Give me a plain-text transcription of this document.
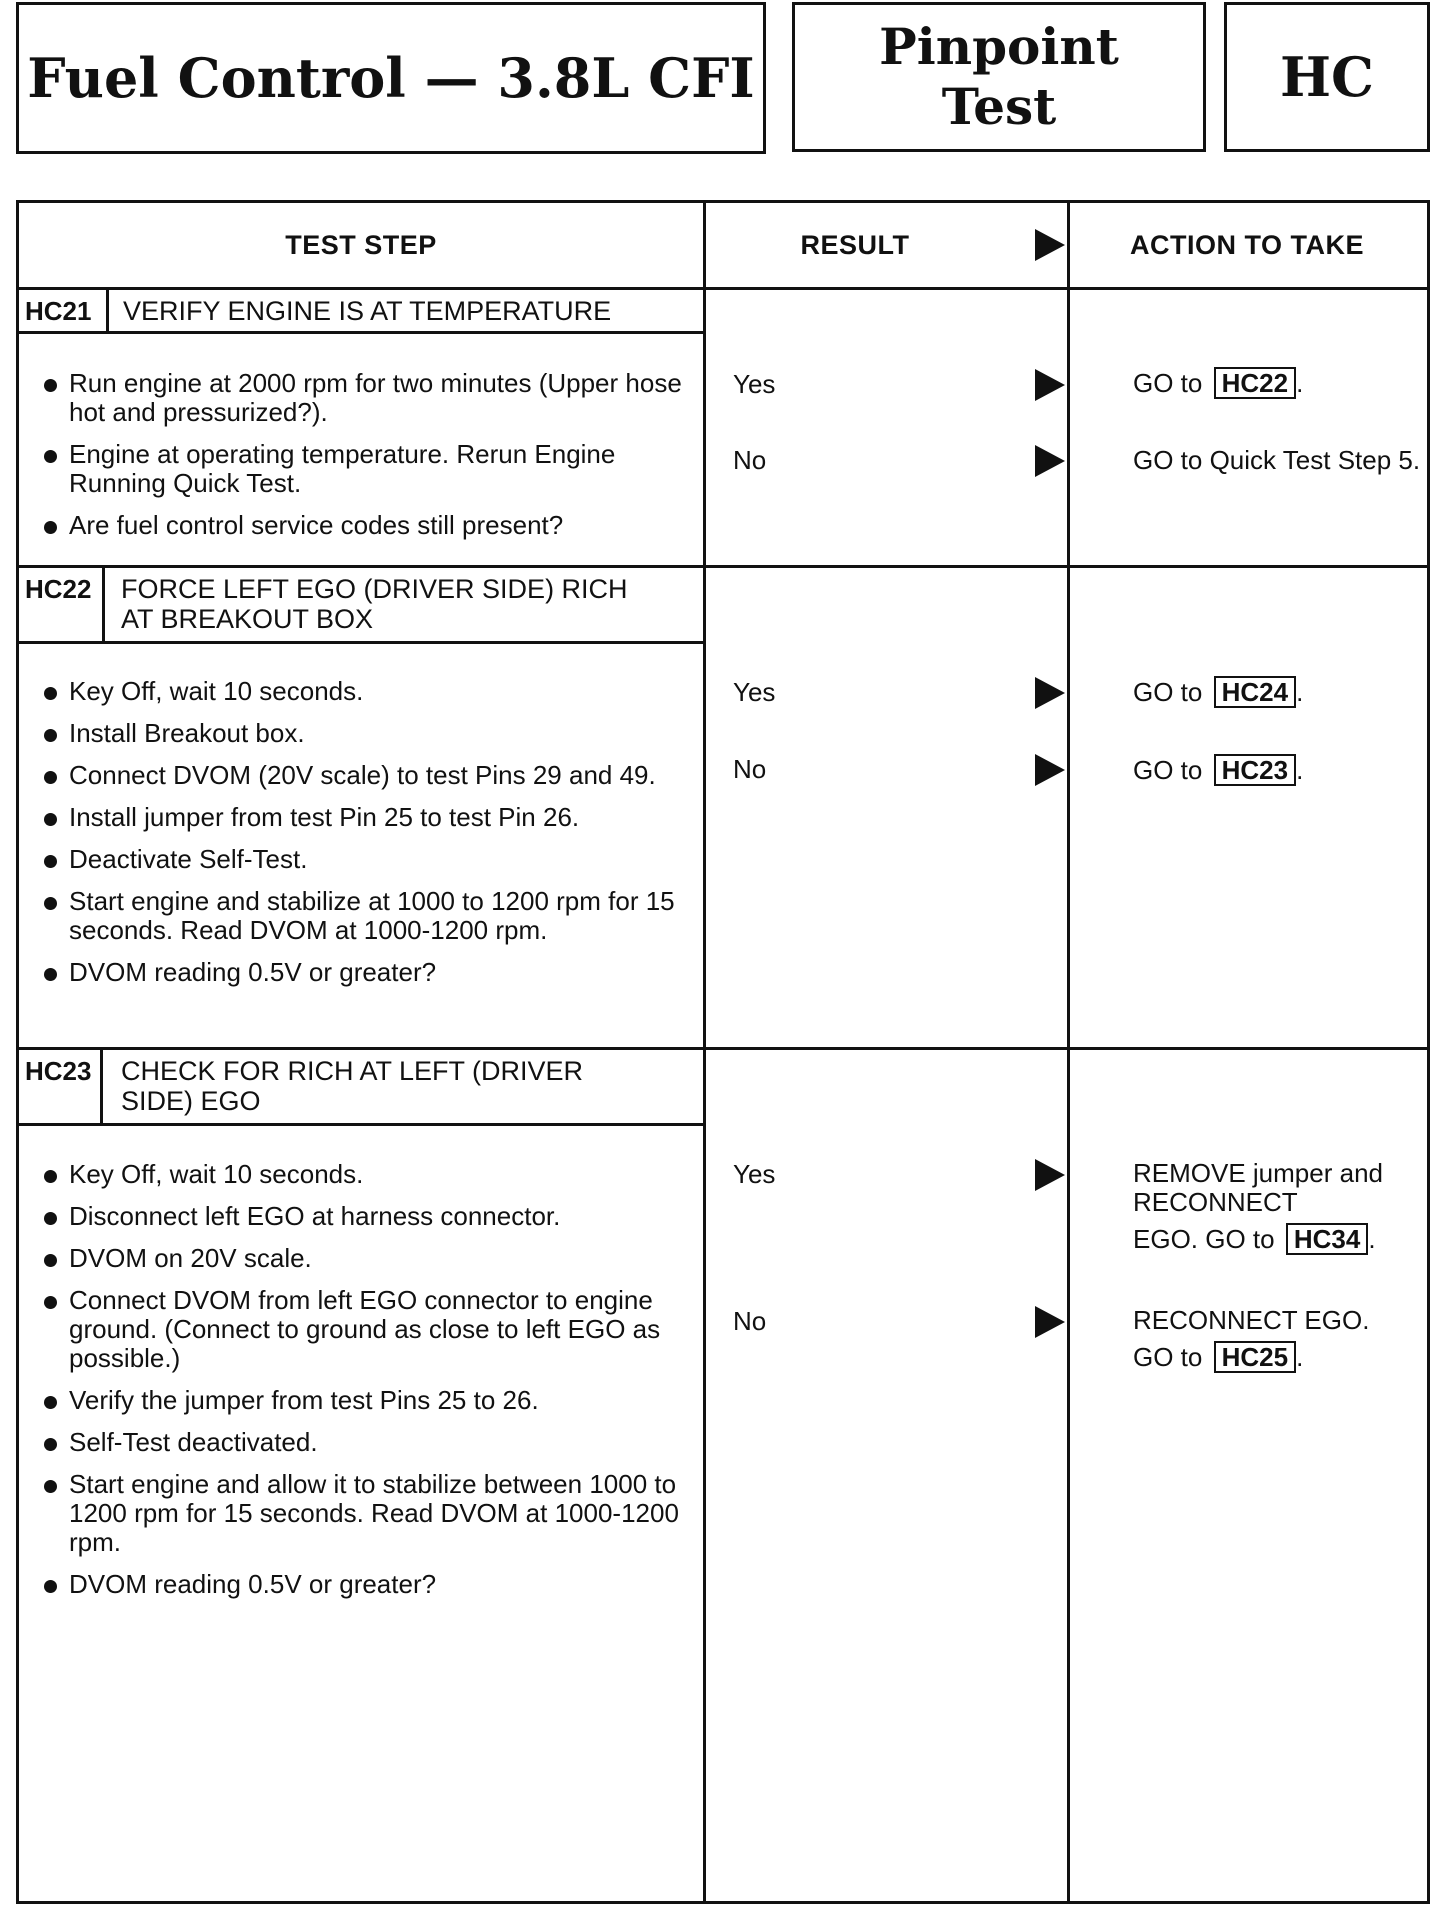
Fuel Control — 3.8L CFI Pinpoint
Test	HC
TEST STEP	RESULT	ACTION TO TAKE
HC21	VERIFY ENGINE IS AT TEMPERATURE
Run engine at 2000 rpm for two minutes (Upper hose hot and pressurized?).
Engine at operating temperature. Rerun Engine Running Quick Test.
Are fuel control service codes still present?
Yes	GO to HC22 .
No	GO to Quick Test Step 5.
HC22	FORCE LEFT EGO (DRIVER SIDE) RICH
AT BREAKOUT BOX
Key Off, wait 10 seconds.
Install Breakout box.
Connect DVOM (20V scale) to test Pins 29 and 49.
Install jumper from test Pin 25 to test Pin 26.
Deactivate Self-Test.
Start engine and stabilize at 1000 to 1200 rpm for 15 seconds. Read DVOM at 1000-1200 rpm.
DVOM reading 0.5V or greater?
Yes	GO to HC24 .
No	GO to HC23 .
HC23	CHECK FOR RICH AT LEFT (DRIVER
SIDE) EGO
Key Off, wait 10 seconds.
Disconnect left EGO at harness connector.
DVOM on 20V scale.
Connect DVOM from left EGO connector to engine ground. (Connect to ground as close to left EGO as possible.)
Verify the jumper from test Pins 25 to 26.
Self-Test deactivated.
Start engine and allow it to stabilize between 1000 to 1200 rpm for 15 seconds. Read DVOM at 1000-1200 rpm.
DVOM reading 0.5V or greater?
Yes	REMOVE jumper and
RECONNECT
EGO. GO to HC34 .
No	RECONNECT EGO.
GO to HC25 .
